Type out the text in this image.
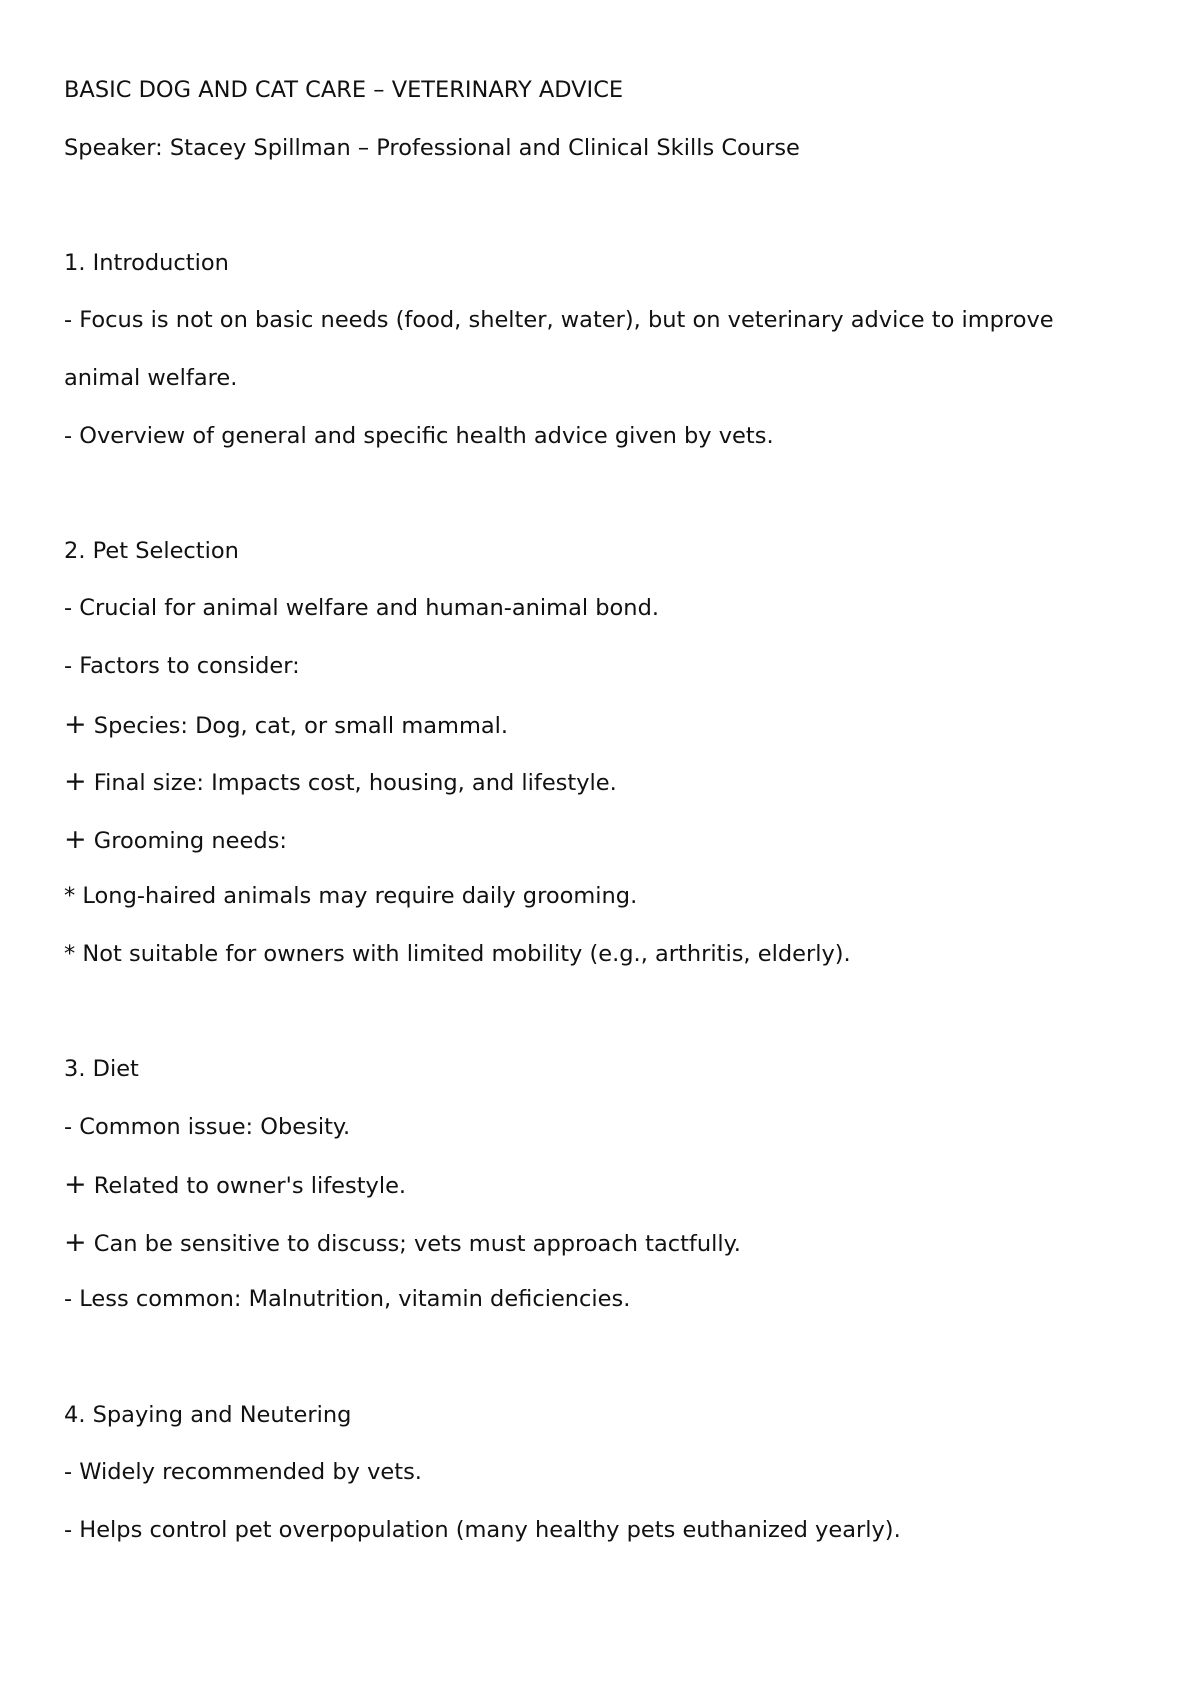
BASIC DOG AND CAT CARE – VETERINARY ADVICE
Speaker: Stacey Spillman – Professional and Clinical Skills Course
1. Introduction
- Focus is not on basic needs (food, shelter, water), but on veterinary advice to improve
animal welfare.
- Overview of general and specific health advice given by vets.
2. Pet Selection
- Crucial for animal welfare and human-animal bond.
- Factors to consider:
+ Species: Dog, cat, or small mammal.
+ Final size: Impacts cost, housing, and lifestyle.
+ Grooming needs:
* Long-haired animals may require daily grooming.
* Not suitable for owners with limited mobility (e.g., arthritis, elderly).
3. Diet
- Common issue: Obesity.
+ Related to owner's lifestyle.
+ Can be sensitive to discuss; vets must approach tactfully.
- Less common: Malnutrition, vitamin deficiencies.
4. Spaying and Neutering
- Widely recommended by vets.
- Helps control pet overpopulation (many healthy pets euthanized yearly).
